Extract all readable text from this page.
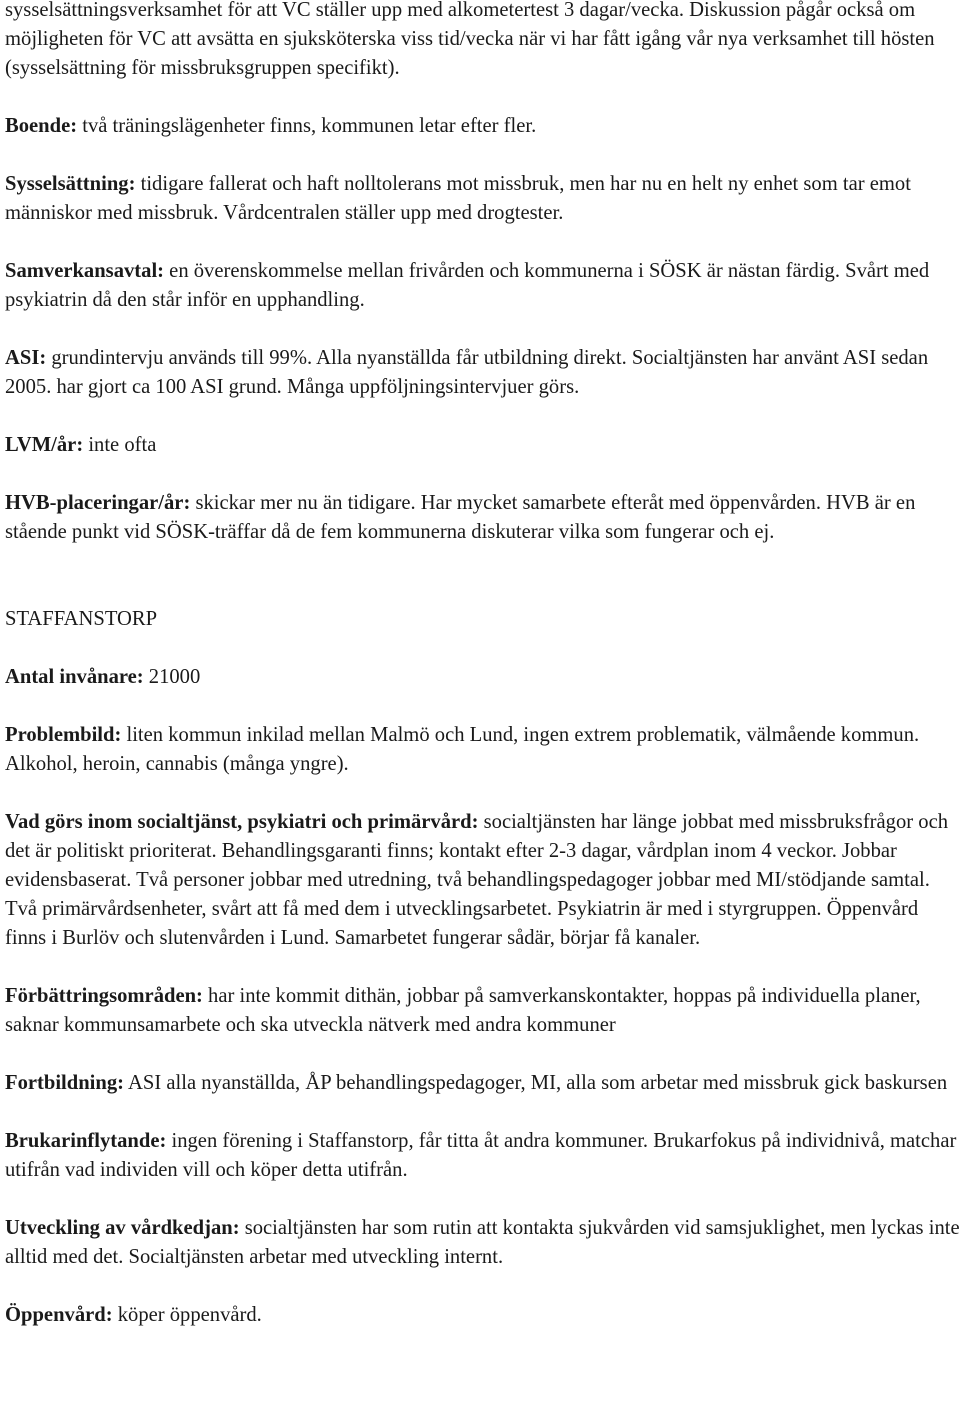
sysselsättningsverksamhet för att VC ställer upp med alkometertest 3 dagar/vecka. Diskussion pågår också om möjligheten för VC att avsätta en sjuksköterska viss tid/vecka när vi har fått igång vår nya verksamhet till hösten (sysselsättning för missbruksgruppen specifikt).

Boende: två träningslägenheter finns, kommunen letar efter fler.

Sysselsättning: tidigare fallerat och haft nolltolerans mot missbruk, men har nu en helt ny enhet som tar emot människor med missbruk. Vårdcentralen ställer upp med drogtester.

Samverkansavtal: en överenskommelse mellan frivården och kommunerna i SÖSK är nästan färdig. Svårt med psykiatrin då den står inför en upphandling.

ASI: grundintervju används till 99%. Alla nyanställda får utbildning direkt. Socialtjänsten har använt ASI sedan 2005. har gjort ca 100 ASI grund. Många uppföljningsintervjuer görs.

LVM/år: inte ofta

HVB-placeringar/år: skickar mer nu än tidigare. Har mycket samarbete efteråt med öppenvården. HVB är en stående punkt vid SÖSK-träffar då de fem kommunerna diskuterar vilka som fungerar och ej.

STAFFANSTORP

Antal invånare: 21000

Problembild: liten kommun inkilad mellan Malmö och Lund, ingen extrem problematik, välmående kommun. Alkohol, heroin, cannabis (många yngre).

Vad görs inom socialtjänst, psykiatri och primärvård: socialtjänsten har länge jobbat med missbruksfrågor och det är politiskt prioriterat. Behandlingsgaranti finns; kontakt efter 2-3 dagar, vårdplan inom 4 veckor. Jobbar evidensbaserat. Två personer jobbar med utredning, två behandlingspedagoger jobbar med MI/stödjande samtal. Två primärvårdsenheter, svårt att få med dem i utvecklingsarbetet. Psykiatrin är med i styrgruppen. Öppenvård finns i Burlöv och slutenvården i Lund. Samarbetet fungerar sådär, börjar få kanaler.

Förbättringsområden: har inte kommit dithän, jobbar på samverkanskontakter, hoppas på individuella planer, saknar kommunsamarbete och ska utveckla nätverk med andra kommuner

Fortbildning: ASI alla nyanställda, ÅP behandlingspedagoger, MI, alla som arbetar med missbruk gick baskursen

Brukarinflytande: ingen förening i Staffanstorp, får titta åt andra kommuner. Brukarfokus på individnivå, matchar utifrån vad individen vill och köper detta utifrån.

Utveckling av vårdkedjan: socialtjänsten har som rutin att kontakta sjukvården vid samsjuklighet, men lyckas inte alltid med det. Socialtjänsten arbetar med utveckling internt.

Öppenvård: köper öppenvård.
